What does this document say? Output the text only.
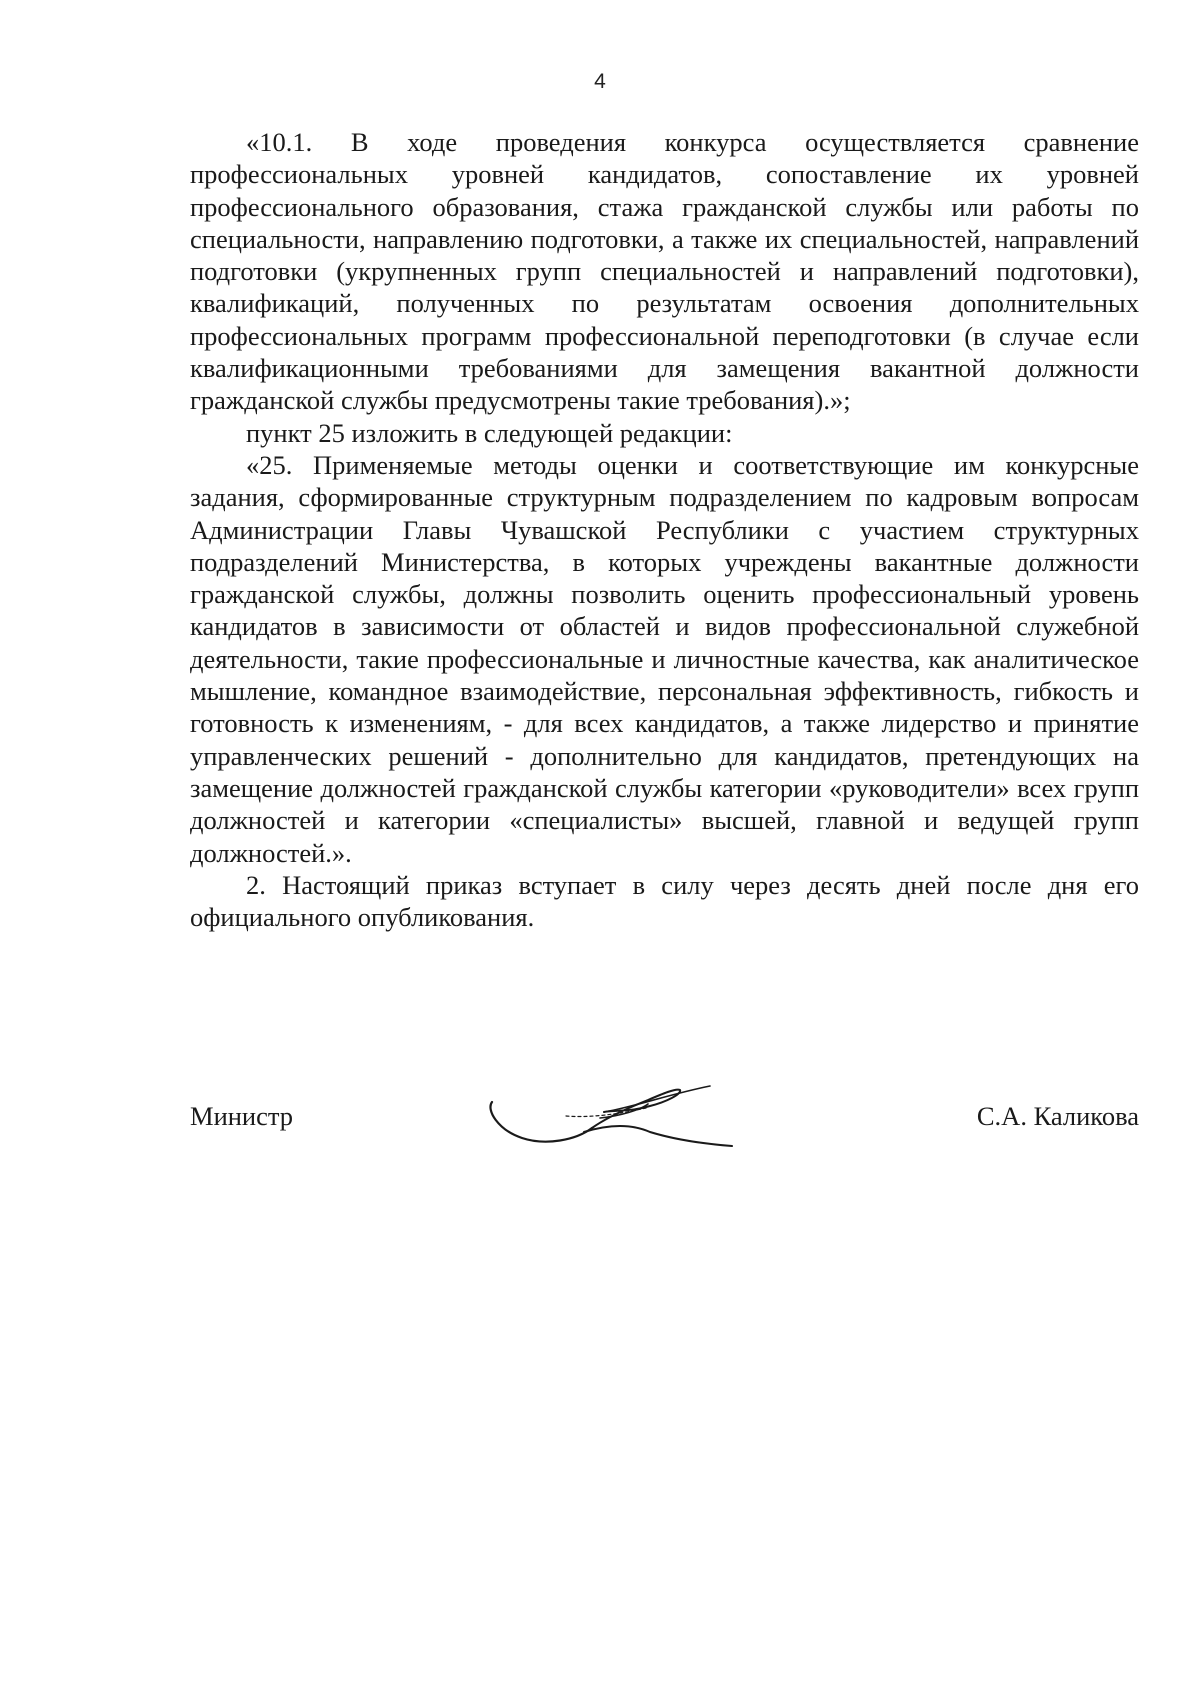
4

«10.1. В ходе проведения конкурса осуществляется сравнение профессиональных уровней кандидатов, сопоставление их уровней профессионального образования, стажа гражданской службы или работы по специальности, направлению подготовки, а также их специальностей, направлений подготовки (укрупненных групп специальностей и направлений подготовки), квалификаций, полученных по результатам освоения дополнительных профессиональных программ профессиональной переподготовки (в случае если квалификационными требованиями для замещения вакантной должности гражданской службы предусмотрены такие требования).»;

пункт 25 изложить в следующей редакции:

«25. Применяемые методы оценки и соответствующие им конкурсные задания, сформированные структурным подразделением по кадровым вопросам Администрации Главы Чувашской Республики с участием структурных подразделений Министерства, в которых учреждены вакантные должности гражданской службы, должны позволить оценить профессиональный уровень кандидатов в зависимости от областей и видов профессиональной служебной деятельности, такие профессиональные и личностные качества, как аналитическое мышление, командное взаимодействие, персональная эффективность, гибкость и готовность к изменениям, - для всех кандидатов, а также лидерство и принятие управленческих решений - дополнительно для кандидатов, претендующих на замещение должностей гражданской службы категории «руководители» всех групп должностей и категории «специалисты» высшей, главной и ведущей групп должностей.».

2. Настоящий приказ вступает в силу через десять дней после дня его официального опубликования.

Министр	С.А. Каликова
